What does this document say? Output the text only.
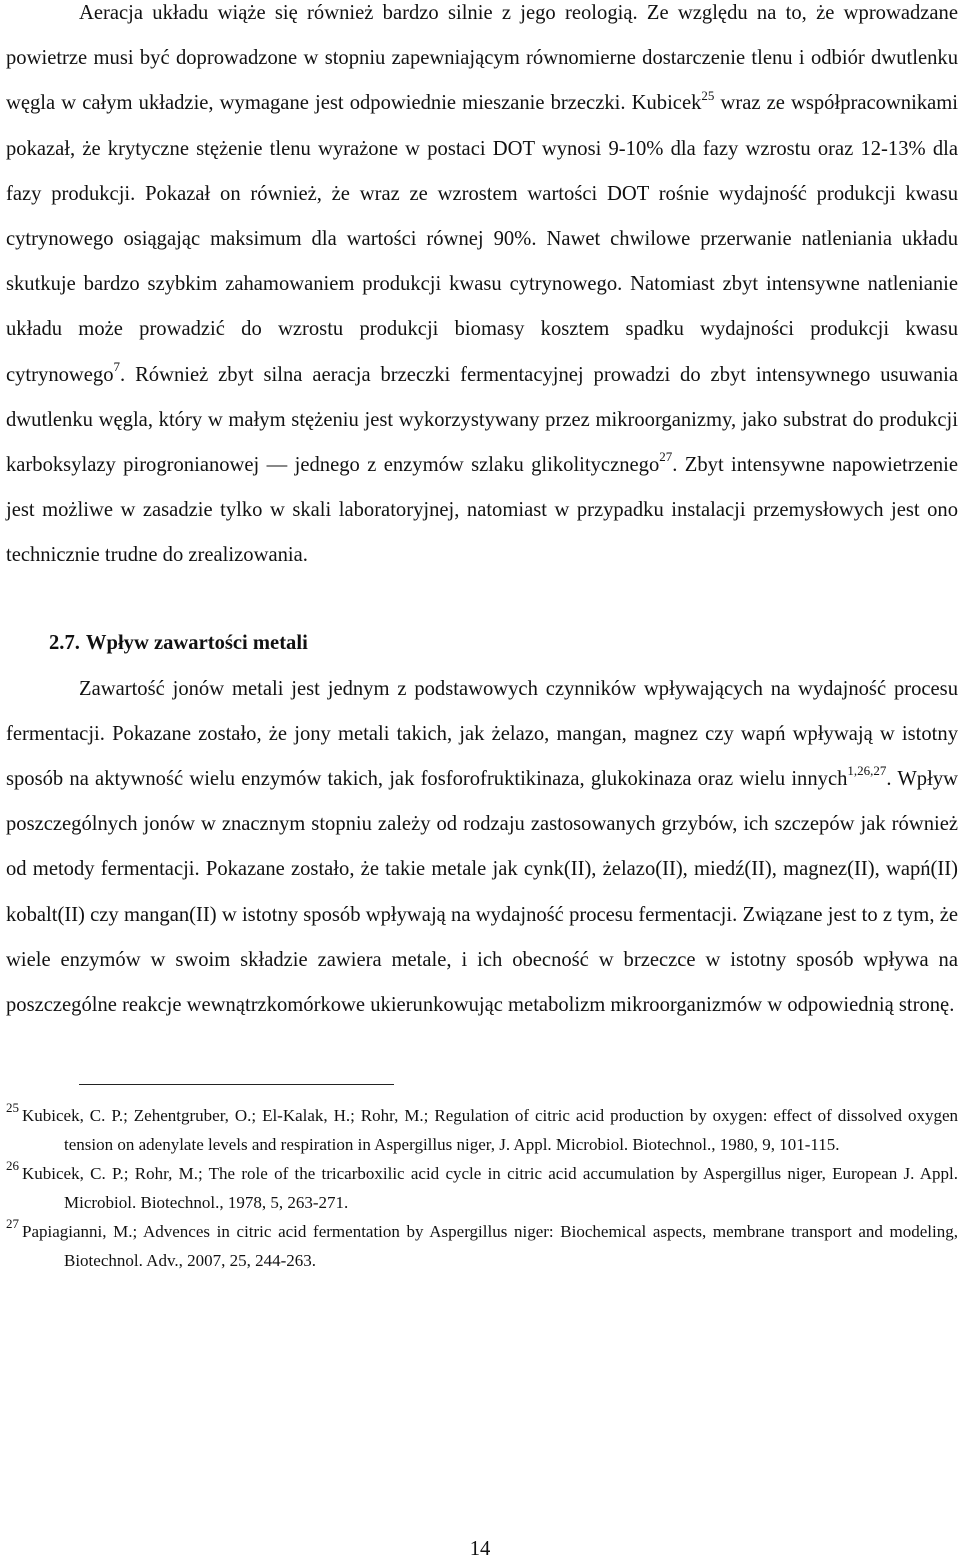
Aeracja układu wiąże się również bardzo silnie z jego reologią. Ze względu na to, że wprowadzane powietrze musi być doprowadzone w stopniu zapewniającym równomierne dostarczenie tlenu i odbiór dwutlenku węgla w całym układzie, wymagane jest odpowiednie mieszanie brzeczki. Kubicek$^{25}$ wraz ze współpracownikami pokazał, że krytyczne stężenie tlenu wyrażone w postaci DOT wynosi 9-10% dla fazy wzrostu oraz 12-13% dla fazy produkcji. Pokazał on również, że wraz ze wzrostem wartości DOT rośnie wydajność produkcji kwasu cytrynowego osiągając maksimum dla wartości równej 90%. Nawet chwilowe przerwanie natleniania układu skutkuje bardzo szybkim zahamowaniem produkcji kwasu cytrynowego. Natomiast zbyt intensywne natlenianie układu może prowadzić do wzrostu produkcji biomasy kosztem spadku wydajności produkcji kwasu cytrynowego$^7$. Również zbyt silna aeracja brzeczki fermentacyjnej prowadzi do zbyt intensywnego usuwania dwutlenku węgla, który w małym stężeniu jest wykorzystywany przez mikroorganizmy, jako substrat do produkcji karboksylazy pirogronianowej — jednego z enzymów szlaku glikolitycznego$^{27}$. Zbyt intensywne napowietrzenie jest możliwe w zasadzie tylko w skali laboratoryjnej, natomiast w przypadku instalacji przemysłowych jest ono technicznie trudne do zrealizowania.

2.7. Wpływ zawartości metali

Zawartość jonów metali jest jednym z podstawowych czynników wpływających na wydajność procesu fermentacji. Pokazane zostało, że jony metali takich, jak żelazo, mangan, magnez czy wapń wpływają w istotny sposób na aktywność wielu enzymów takich, jak fosforofruktikinaza, glukokinaza oraz wielu innych$^{1,26,27}$. Wpływ poszczególnych jonów w znacznym stopniu zależy od rodzaju zastosowanych grzybów, ich szczepów jak również od metody fermentacji. Pokazane zostało, że takie metale jak cynk(II), żelazo(II), miedź(II), magnez(II), wapń(II) kobalt(II) czy mangan(II) w istotny sposób wpływają na wydajność procesu fermentacji. Związane jest to z tym, że wiele enzymów w swoim składzie zawiera metale, i ich obecność w brzeczce w istotny sposób wpływa na poszczególne reakcje wewnątrzkomórkowe ukierunkowując metabolizm mikroorganizmów w odpowiednią stronę.

25 Kubicek, C. P.; Zehentgruber, O.; El-Kalak, H.; Rohr, M.; Regulation of citric acid production by oxygen: effect of dissolved oxygen tension on adenylate levels and respiration in Aspergillus niger, J. Appl. Microbiol. Biotechnol., 1980, 9, 101-115.

26 Kubicek, C. P.; Rohr, M.; The role of the tricarboxilic acid cycle in citric acid accumulation by Aspergillus niger, European J. Appl. Microbiol. Biotechnol., 1978, 5, 263-271.

27 Papiagianni, M.; Advences in citric acid fermentation by Aspergillus niger: Biochemical aspects, membrane transport and modeling, Biotechnol. Adv., 2007, 25, 244-263.

14
